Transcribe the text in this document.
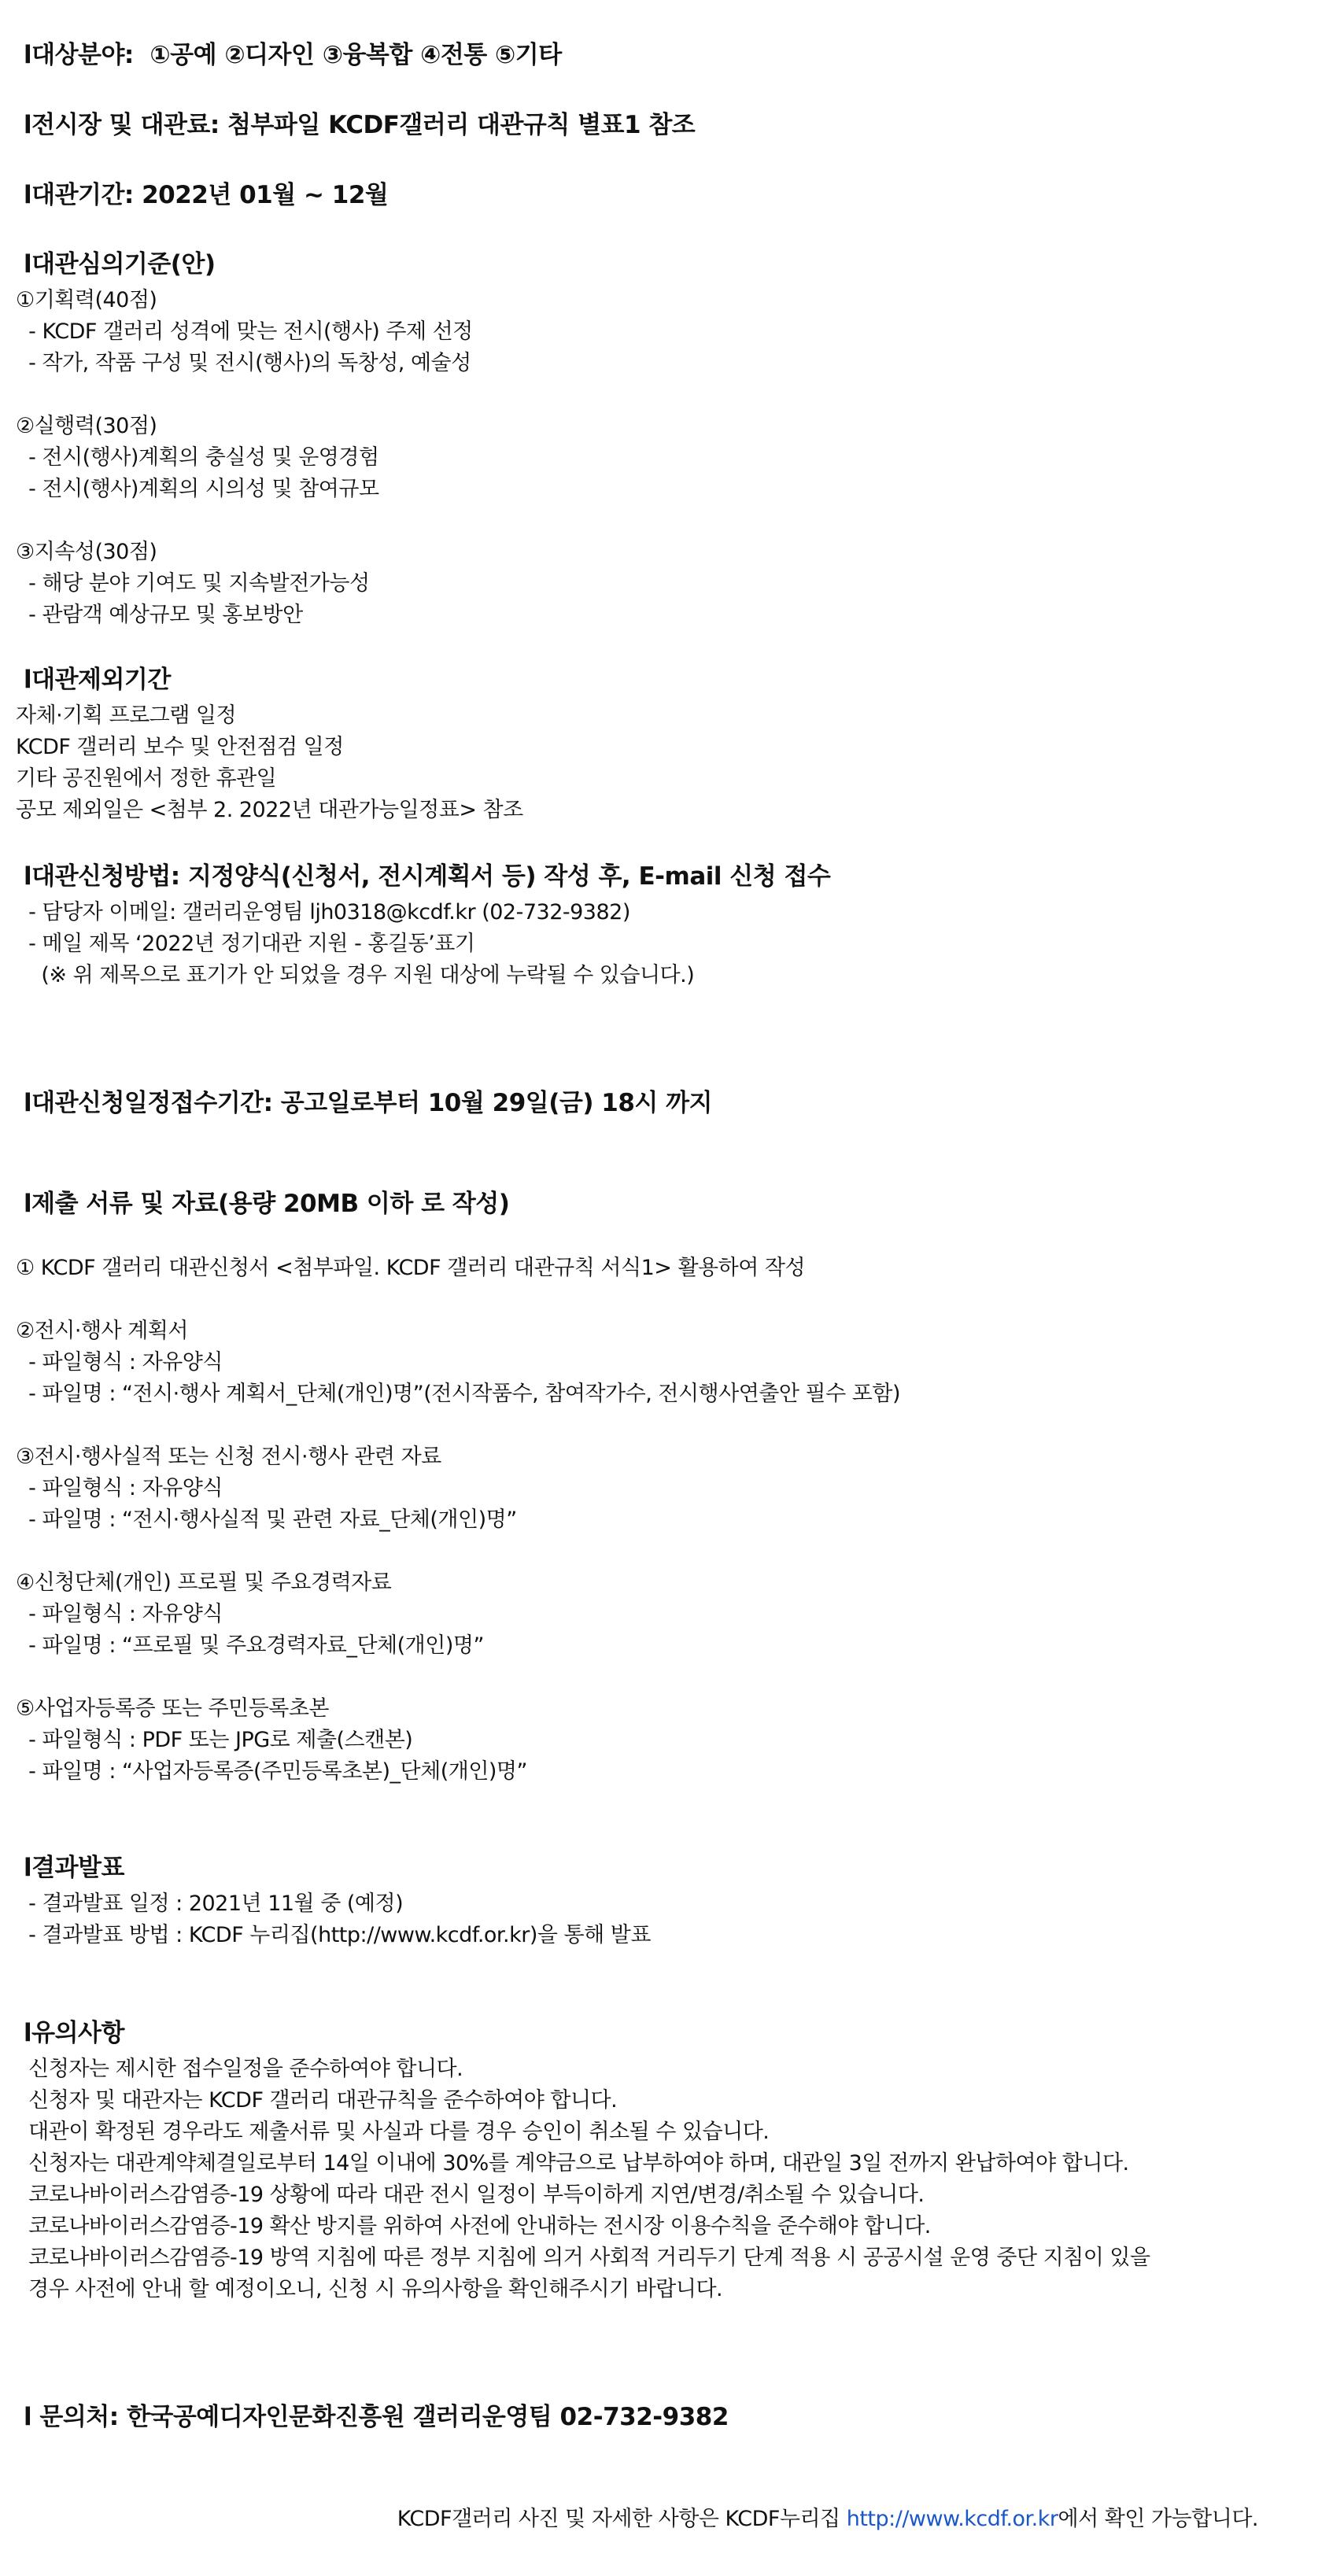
l대상분야:  ①공예 ②디자인 ③융복합 ④전통 ⑤기타
l전시장 및 대관료: 첨부파일 KCDF갤러리 대관규칙 별표1 참조
l대관기간: 2022년 01월 ~ 12월
l대관심의기준(안)
①기획력(40점)
- KCDF 갤러리 성격에 맞는 전시(행사) 주제 선정
- 작가, 작품 구성 및 전시(행사)의 독창성, 예술성
②실행력(30점)
- 전시(행사)계획의 충실성 및 운영경험
- 전시(행사)계획의 시의성 및 참여규모
③지속성(30점)
- 해당 분야 기여도 및 지속발전가능성
- 관람객 예상규모 및 홍보방안
l대관제외기간
자체·기획 프로그램 일정
KCDF 갤러리 보수 및 안전점검 일정
기타 공진원에서 정한 휴관일
공모 제외일은 <첨부 2. 2022년 대관가능일정표> 참조
l대관신청방법: 지정양식(신청서, 전시계획서 등) 작성 후, E-mail 신청 접수
- 담당자 이메일: 갤러리운영팀 ljh0318@kcdf.kr (02-732-9382)
- 메일 제목 ‘2022년 정기대관 지원 - 홍길동’표기
(※ 위 제목으로 표기가 안 되었을 경우 지원 대상에 누락될 수 있습니다.)
l대관신청일정접수기간: 공고일로부터 10월 29일(금) 18시 까지
l제출 서류 및 자료(용량 20MB 이하 로 작성)
① KCDF 갤러리 대관신청서 <첨부파일. KCDF 갤러리 대관규칙 서식1> 활용하여 작성
②전시·행사 계획서
- 파일형식 : 자유양식
- 파일명 : “전시·행사 계획서_단체(개인)명”(전시작품수, 참여작가수, 전시행사연출안 필수 포함)
③전시·행사실적 또는 신청 전시·행사 관련 자료
- 파일형식 : 자유양식
- 파일명 : “전시·행사실적 및 관련 자료_단체(개인)명”
④신청단체(개인) 프로필 및 주요경력자료
- 파일형식 : 자유양식
- 파일명 : “프로필 및 주요경력자료_단체(개인)명”
⑤사업자등록증 또는 주민등록초본
- 파일형식 : PDF 또는 JPG로 제출(스캔본)
- 파일명 : “사업자등록증(주민등록초본)_단체(개인)명”
l결과발표
- 결과발표 일정 : 2021년 11월 중 (예정)
- 결과발표 방법 : KCDF 누리집(http://www.kcdf.or.kr)을 통해 발표
l유의사항
신청자는 제시한 접수일정을 준수하여야 합니다.
신청자 및 대관자는 KCDF 갤러리 대관규칙을 준수하여야 합니다.
대관이 확정된 경우라도 제출서류 및 사실과 다를 경우 승인이 취소될 수 있습니다.
신청자는 대관계약체결일로부터 14일 이내에 30%를 계약금으로 납부하여야 하며, 대관일 3일 전까지 완납하여야 합니다.
코로나바이러스감염증-19 상황에 따라 대관 전시 일정이 부득이하게 지연/변경/취소될 수 있습니다.
코로나바이러스감염증-19 확산 방지를 위하여 사전에 안내하는 전시장 이용수칙을 준수해야 합니다.
코로나바이러스감염증-19 방역 지침에 따른 정부 지침에 의거 사회적 거리두기 단계 적용 시 공공시설 운영 중단 지침이 있을
경우 사전에 안내 할 예정이오니, 신청 시 유의사항을 확인해주시기 바랍니다.
l 문의처: 한국공예디자인문화진흥원 갤러리운영팀 02-732-9382
KCDF갤러리 사진 및 자세한 사항은 KCDF누리집 http://www.kcdf.or.kr에서 확인 가능합니다.
